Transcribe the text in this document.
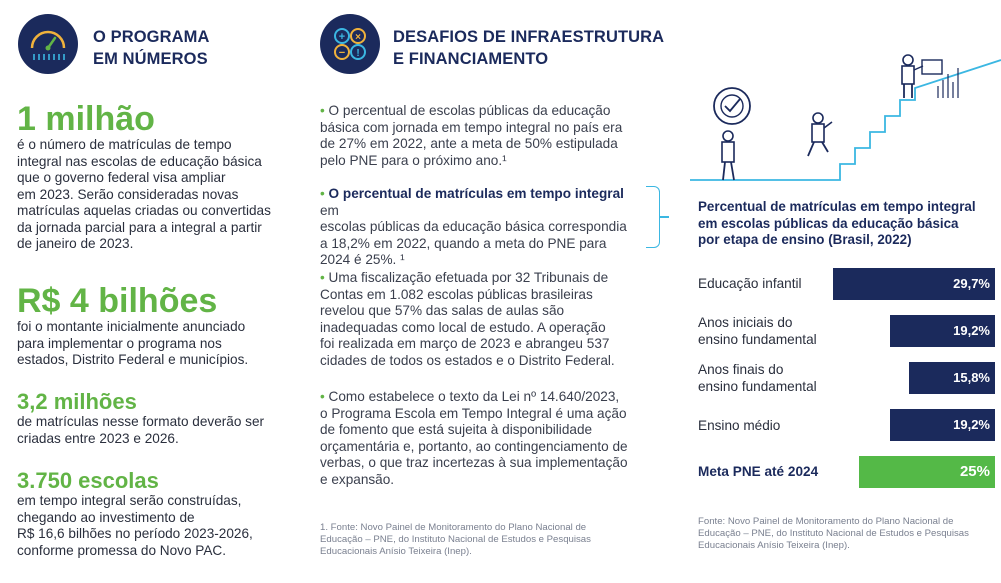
O PROGRAMA
EM NÚMEROS
1 milhão
é o número de matrículas de tempo
integral nas escolas de educação básica
que o governo federal visa ampliar
em 2023. Serão consideradas novas
matrículas aquelas criadas ou convertidas
da jornada parcial para a integral a partir
de janeiro de 2023.
R$ 4 bilhões
foi o montante inicialmente anunciado
para implementar o programa nos
estados, Distrito Federal e municípios.
3,2 milhões
de matrículas nesse formato deverão ser
criadas entre 2023 e 2026.
3.750 escolas
em tempo integral serão construídas,
chegando ao investimento de
R$ 16,6 bilhões no período 2023-2026,
conforme promessa do Novo PAC.
+ ×
− !
DESAFIOS DE INFRAESTRUTURA
E FINANCIAMENTO
• O percentual de escolas públicas da educação
básica com jornada em tempo integral no país era
de 27% em 2022, ante a meta de 50% estipulada
pelo PNE para o próximo ano.¹
• O percentual de matrículas em tempo integral em
escolas públicas da educação básica correspondia
a 18,2% em 2022, quando a meta do PNE para
2024 é 25%. ¹
• Uma fiscalização efetuada por 32 Tribunais de
Contas em 1.082 escolas públicas brasileiras
revelou que 57% das salas de aulas são
inadequadas como local de estudo. A operação
foi realizada em março de 2023 e abrangeu 537
cidades de todos os estados e o Distrito Federal.
• Como estabelece o texto da Lei nº 14.640/2023,
o Programa Escola em Tempo Integral é uma ação
de fomento que está sujeita à disponibilidade
orçamentária e, portanto, ao contingenciamento de
verbas, o que traz incertezas à sua implementação
e expansão.
1. Fonte: Novo Painel de Monitoramento do Plano Nacional de
Educação – PNE, do Instituto Nacional de Estudos e Pesquisas
Educacionais Anísio Teixeira (Inep).
Percentual de matrículas em tempo integral
em escolas públicas da educação básica
por etapa de ensino (Brasil, 2022)
Educação infantil	29,7%
Anos iniciais do
ensino fundamental
19,2%
Anos finais do
ensino fundamental
15,8%
Ensino médio	19,2%
Meta PNE até 2024	25%
Fonte: Novo Painel de Monitoramento do Plano Nacional de
Educação – PNE, do Instituto Nacional de Estudos e Pesquisas
Educacionais Anísio Teixeira (Inep).
